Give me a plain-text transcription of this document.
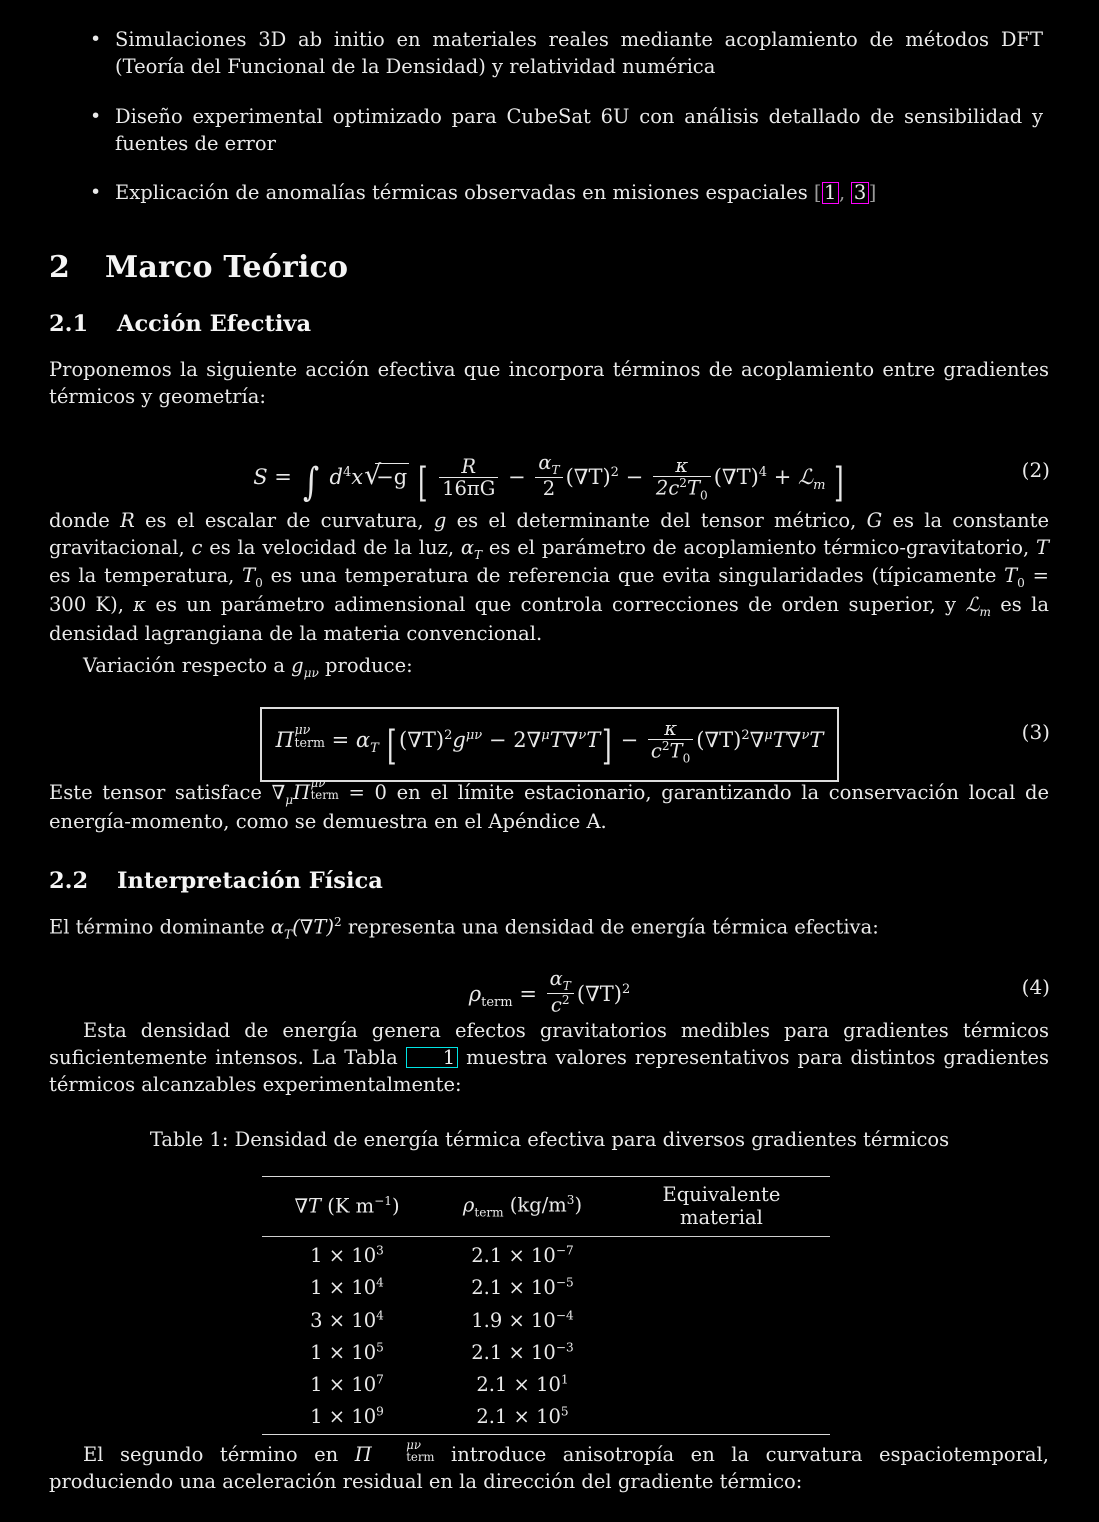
• Simulaciones 3D ab initio en materiales reales mediante acoplamiento de métodos DFT (Teoría del Funcional de la Densidad) y relatividad numérica
• Diseño experimental optimizado para CubeSat 6U con análisis detallado de sensibilidad y fuentes de error
• Explicación de anomalías térmicas observadas en misiones espaciales [ 1 , 3 ]
2 Marco Teórico
2.1 Acción Efectiva

Proponemos la siguiente acción efectiva que incorpora términos de acoplamiento entre gradientes térmicos y geometría:

S = ∫ $d^4x$ √ −g [ $\frac{R}{16\pi G} - \frac{\alpha_T}{2} (\nabla T)^2 - \frac{\kappa}{2c^2T_0} (\nabla T)^4$ + ℒ$_m$ ]	(2)

donde R es el escalar de curvatura, g es el determinante del tensor métrico, G es la constante gravitacional, c es la velocidad de la luz, $\alpha_T$ es el parámetro de acoplamiento térmico-gravitatorio, T es la temperatura, $T_0$ es una temperatura de referencia que evita singularidades (típicamente $T_0 = 300$ K), κ es un parámetro adimensional que controla correcciones de orden superior, y ℒ$_m$ es la densidad lagrangiana de la materia convencional.

Variación respecto a $g_{\mu\nu}$ produce:

Π μν
term = $\alpha_T$ $[(\nabla T)^2g^{\mu\nu} - 2\nabla^\mu T\nabla^\nu T] - \frac{\kappa}{c^2T_0} (\nabla T)^2\nabla^\mu T\nabla^\nu T$	(3)

Este tensor satisface $\nabla_\mu\Pi$ μν
term = 0 en el límite estacionario, garantizando la conservación local de energía-momento, como se demuestra en el Apéndice A.

2.2 Interpretación Física

El término dominante $\alpha_T(\nabla T)^2$ representa una densidad de energía térmica efectiva:

$\rho_{term} = \frac{\alpha_T}{c^2} (\nabla T)^2$	(4)

Esta densidad de energía genera efectos gravitatorios medibles para gradientes térmicos suficientemente intensos. La Tabla 1 muestra valores representativos para distintos gradientes térmicos alcanzables experimentalmente:

Table 1: Densidad de energía térmica efectiva para diversos gradientes térmicos
∇T (K $m^{-1}$)	$\rho_{term}$ $(kg/m^3)$	Equivalente material
$1 \times 10^3$	$2.1 \times 10^{-7}$	
$1 \times 10^4$	$2.1 \times 10^{-5}$	
$3 \times 10^4$	$1.9 \times 10^{-4}$	
$1 \times 10^5$	$2.1 \times 10^{-3}$	
$1 \times 10^7$	$2.1 \times 10^1$	
$1 \times 10^9$	$2.1 \times 10^5$	

El segundo término en Π	μν
term introduce anisotropía en la curvatura espaciotemporal, produciendo una aceleración residual en la dirección del gradiente térmico:
